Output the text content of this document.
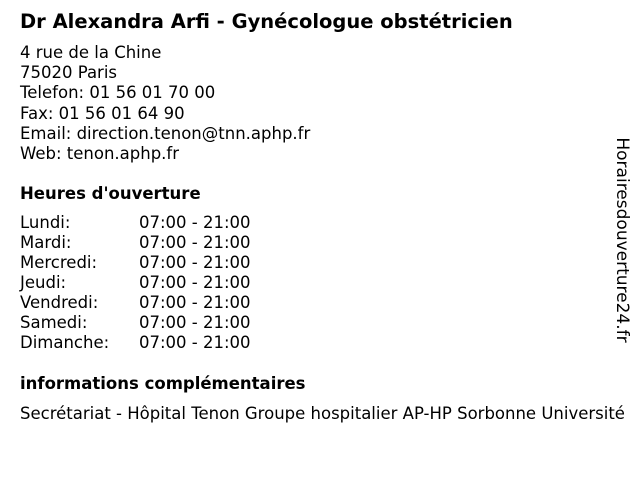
Dr Alexandra Arfi - Gynécologue obstétricien
4 rue de la Chine
75020 Paris
Telefon: 01 56 01 70 00
Fax: 01 56 01 64 90
Email: direction.tenon@tnn.aphp.fr
Web: tenon.aphp.fr
Heures d'ouverture
Lundi:	07:00 - 21:00
Mardi:	07:00 - 21:00
Mercredi:	07:00 - 21:00
Jeudi:	07:00 - 21:00
Vendredi: 07:00 - 21:00
Samedi:	07:00 - 21:00
Dimanche: 07:00 - 21:00
informations complémentaires
Secrétariat - Hôpital Tenon Groupe hospitalier AP-HP Sorbonne Université
Horairesdouverture24.fr
